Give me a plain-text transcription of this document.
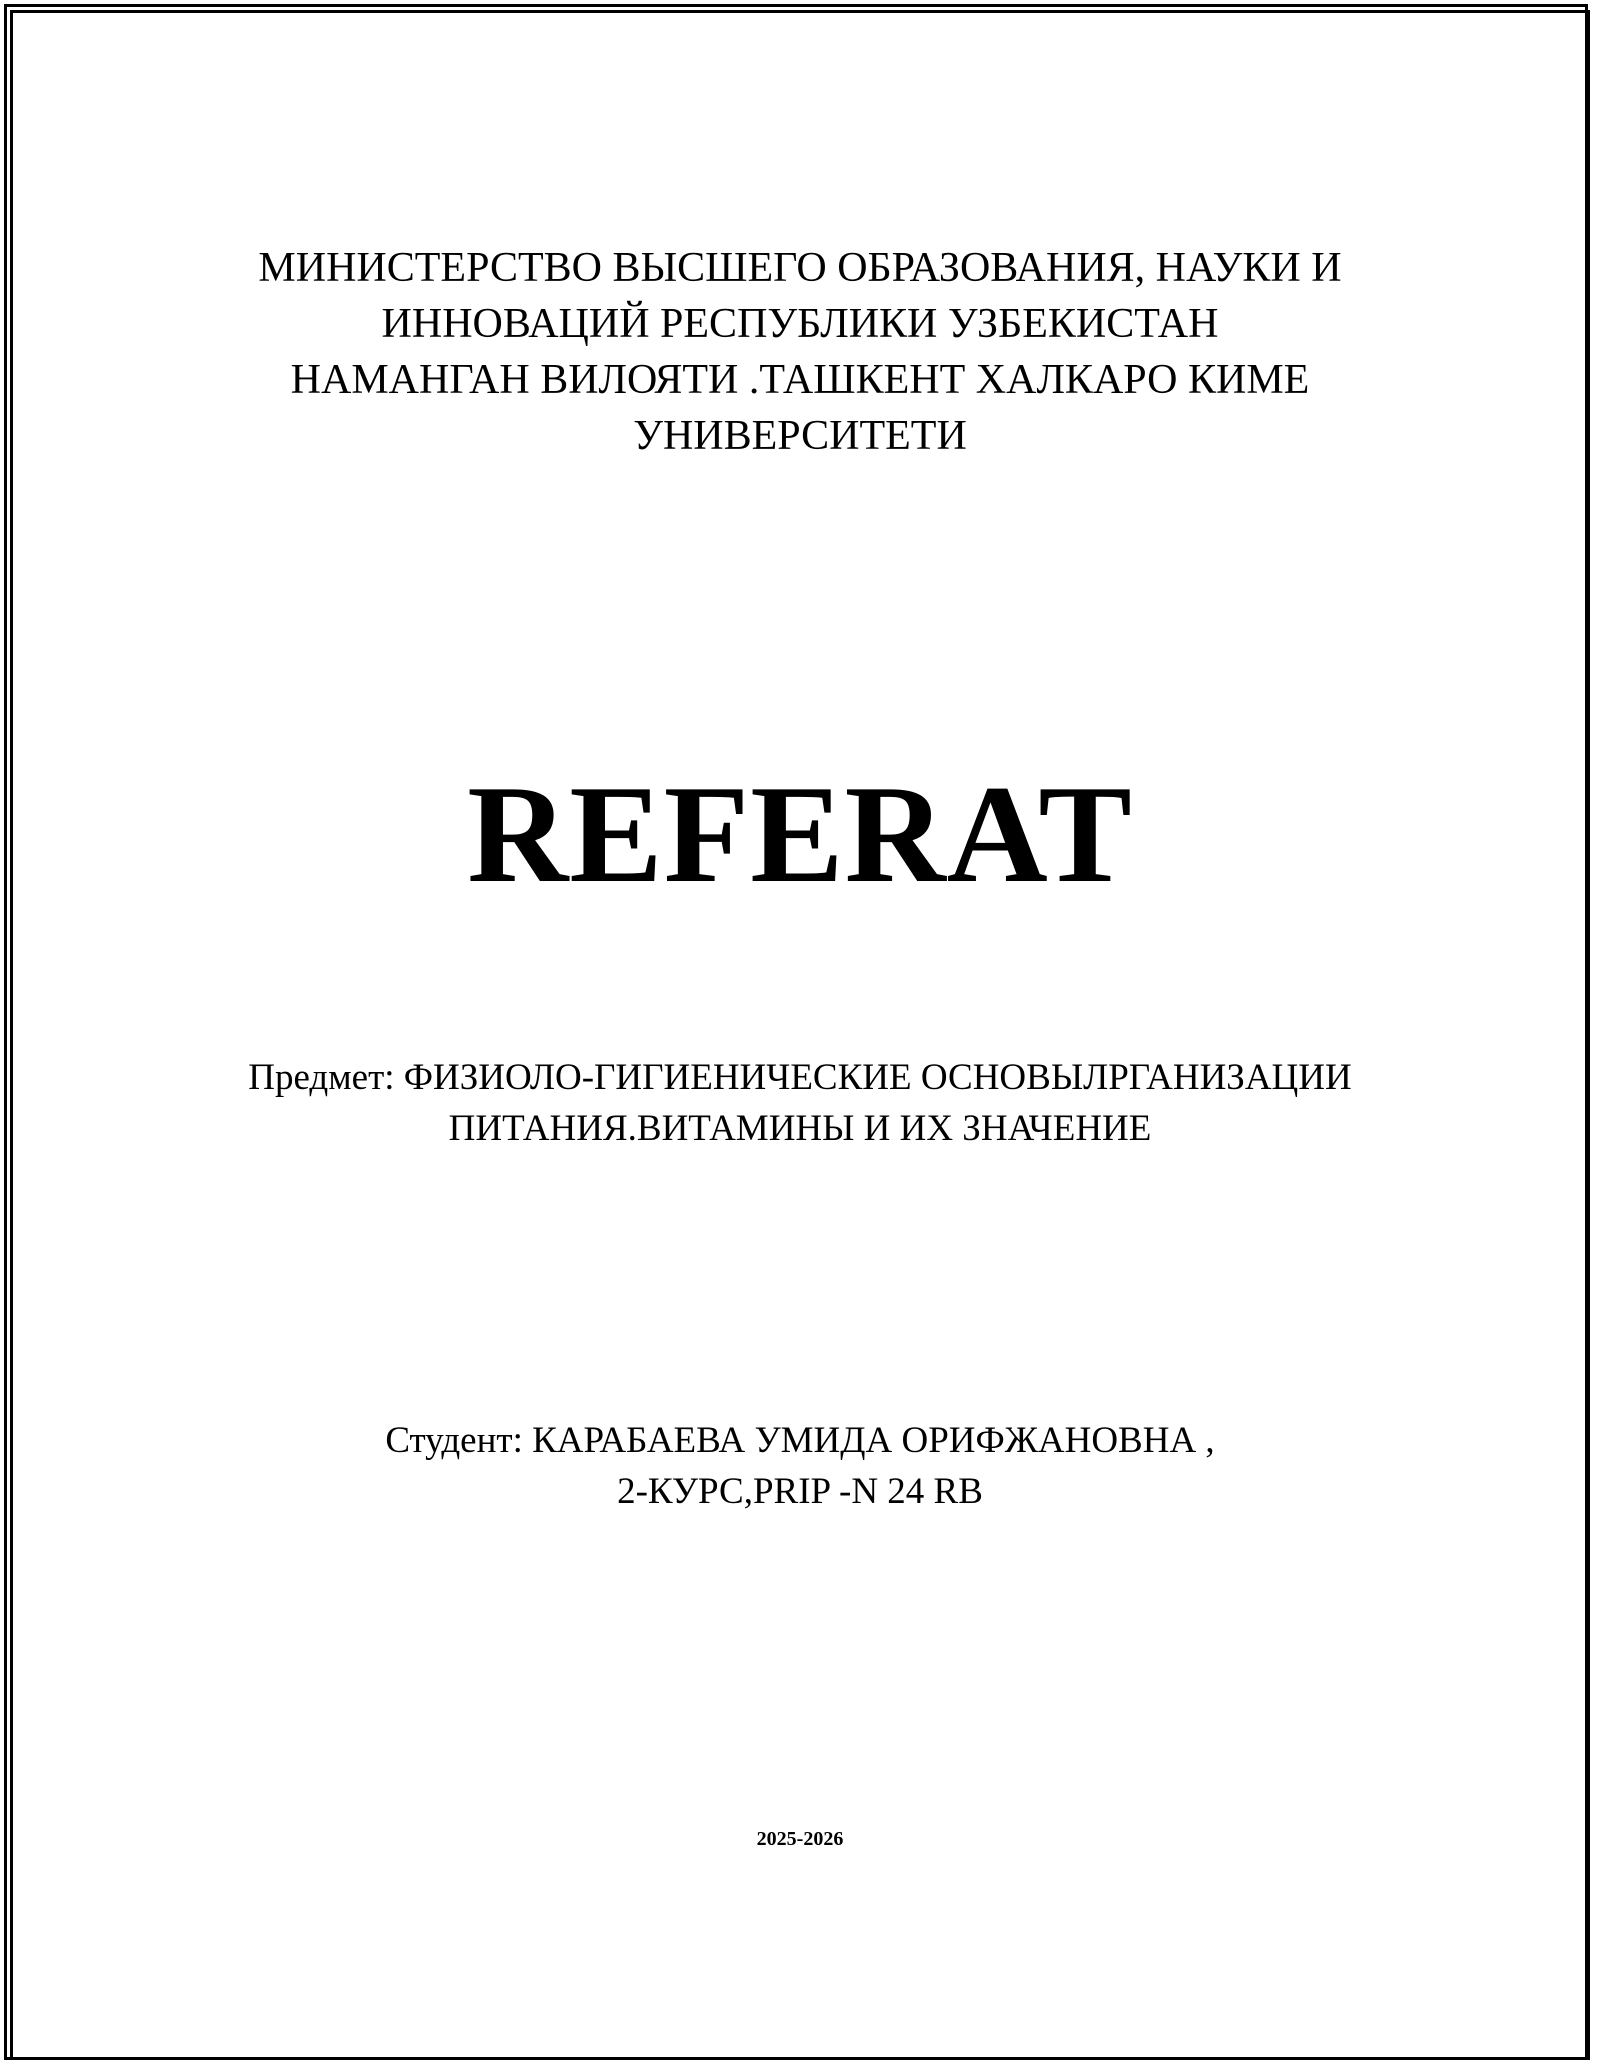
МИНИСТЕРСТВО ВЫСШЕГО ОБРАЗОВАНИЯ, НАУКИ И
ИННОВАЦИЙ РЕСПУБЛИКИ УЗБЕКИСТАН
НАМАНГАН ВИЛОЯТИ .ТАШКЕНТ ХАЛКАРО КИМЕ
УНИВЕРСИТЕТИ
REFERAT
Предмет: ФИЗИОЛО-ГИГИЕНИЧЕСКИЕ ОСНОВЫЛРГАНИЗАЦИИ
ПИТАНИЯ.ВИТАМИНЫ И ИХ ЗНАЧЕНИЕ
Студент: КАРАБАЕВА УМИДА ОРИФЖАНОВНА ,
2-КУРС,PRIP -N 24 RB
2025-2026
